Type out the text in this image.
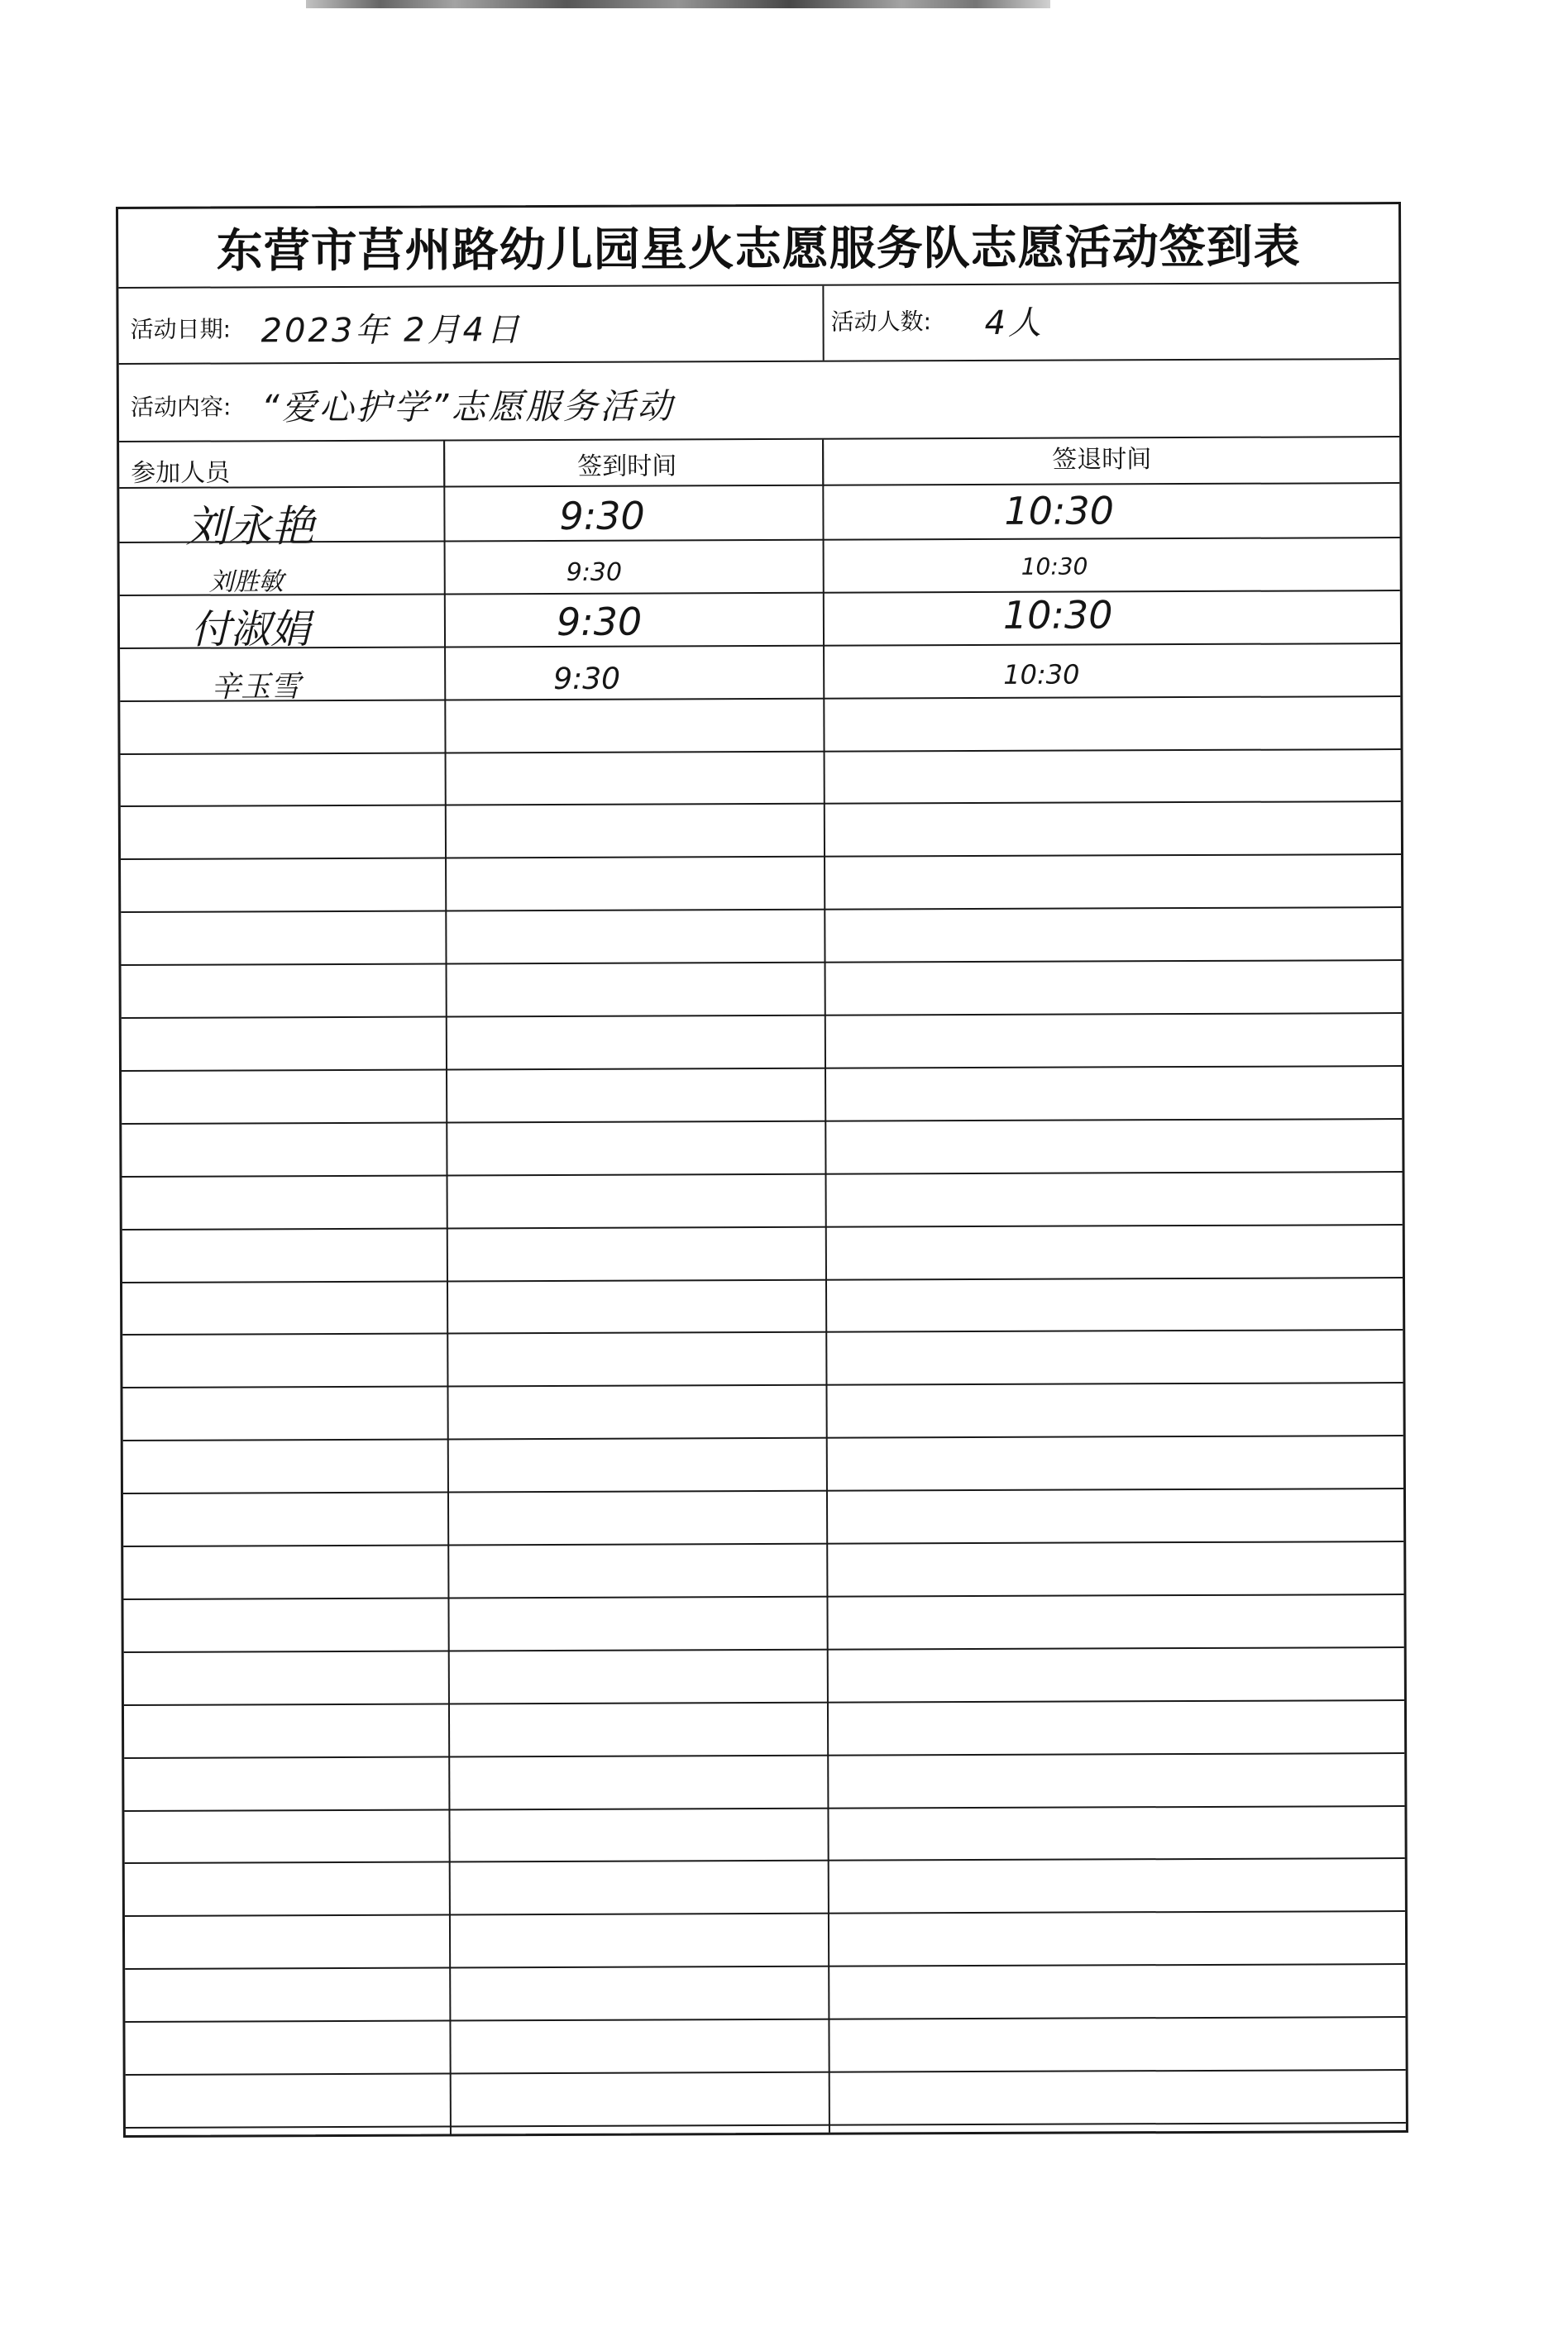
东营市莒州路幼儿园星火志愿服务队志愿活动签到表
活动日期: 2023年 2月4日	活动人数: 4人
活动内容: “爱心护学”志愿服务活动
参加人员	签到时间	签退时间
刘永艳	9:30	10:30
刘胜敏	9:30	10:30
付淑娟	9:30	10:30
辛玉雪	9:30	10:30
